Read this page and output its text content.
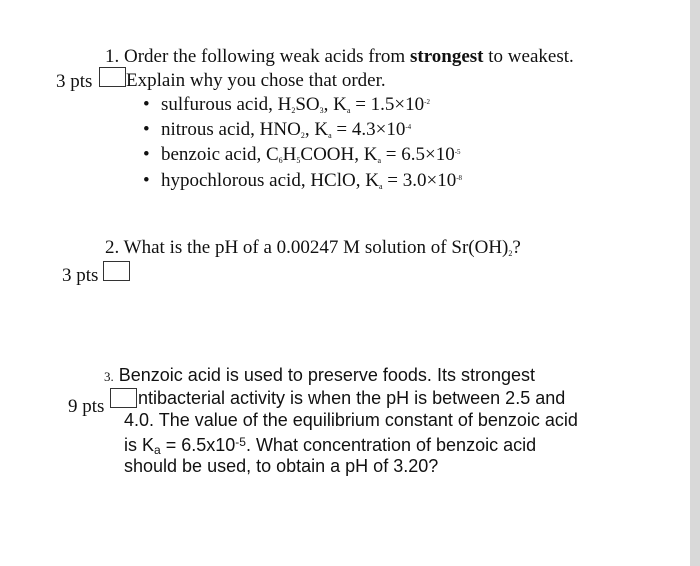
1. Order the following weak acids from strongest to weakest.
3 pts Explain why you chose that order.
• sulfurous acid, $H_2SO_3$, $K_a = 1.5\times 10^{-2}$
• nitrous acid, $HNO_2$, $K_a = 4.3\times 10^{-4}$
• benzoic acid, $C_6H_5COOH$, $K_a = 6.5\times 10^{-5}$
• hypochlorous acid, HClO, $K_a = 3.0\times 10^{-8}$
2. What is the pH of a 0.00247 M solution of $Sr(OH)_2$?
3 pts
3. Benzoic acid is used to preserve foods. Its strongest
9 pts ntibacterial activity is when the pH is between 2.5 and
4.0. The value of the equilibrium constant of benzoic acid
is $K_a = 6.5x10^{-5}$. What concentration of benzoic acid
should be used, to obtain a pH of 3.20?
